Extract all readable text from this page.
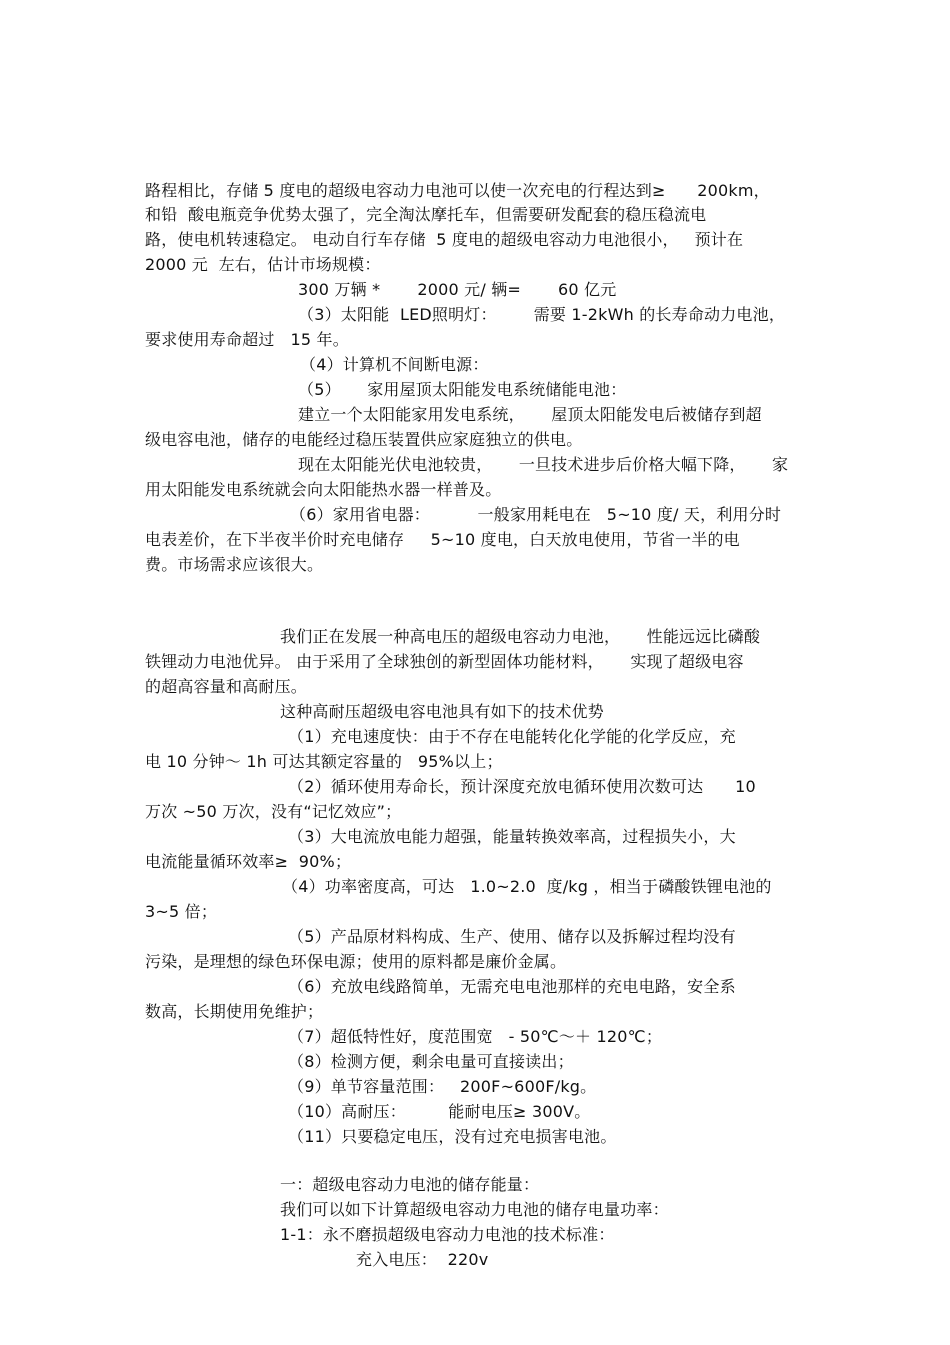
路程相比，存储 5 度电的超级电容动力电池可以使一次充电的行程达到≥      200km，
和铅  酸电瓶竞争优势太强了，完全淘汰摩托车，但需要研发配套的稳压稳流电
路，使电机转速稳定。 电动自行车存储  5 度电的超级电容动力电池很小，   预计在
2000 元  左右，估计市场规模：
300 万辆 *       2000 元/ 辆=       60 亿元
（3）太阳能  LED照明灯：       需要 1-2kWh 的长寿命动力电池，
要求使用寿命超过   15 年。
（4）计算机不间断电源：
（5）     家用屋顶太阳能发电系统储能电池：
建立一个太阳能家用发电系统，     屋顶太阳能发电后被储存到超
级电容电池，储存的电能经过稳压装置供应家庭独立的供电。
现在太阳能光伏电池较贵，     一旦技术进步后价格大幅下降，     家
用太阳能发电系统就会向太阳能热水器一样普及。
（6）家用省电器：         一般家用耗电在   5~10 度/ 天，利用分时
电表差价，在下半夜半价时充电储存     5~10 度电，白天放电使用，节省一半的电
费。市场需求应该很大。
我们正在发展一种高电压的超级电容动力电池，     性能远远比磷酸
铁锂动力电池优异。 由于采用了全球独创的新型固体功能材料，     实现了超级电容
的超高容量和高耐压。
这种高耐压超级电容电池具有如下的技术优势
（1）充电速度快：由于不存在电能转化化学能的化学反应，充
电 10 分钟～ 1h 可达其额定容量的   95%以上；
（2）循环使用寿命长，预计深度充放电循环使用次数可达      10
万次 ~50 万次，没有“记忆效应”；
（3）大电流放电能力超强，能量转换效率高，过程损失小，大
电流能量循环效率≥  90%；
（4）功率密度高，可达   1.0~2.0  度/kg ，相当于磷酸铁锂电池的
3~5 倍；
（5）产品原材料构成、生产、使用、储存以及拆解过程均没有
污染，是理想的绿色环保电源；使用的原料都是廉价金属。
（6）充放电线路简单，无需充电电池那样的充电电路，安全系
数高，长期使用免维护；
（7）超低特性好，度范围宽   - 50℃～＋ 120℃；
（8）检测方便，剩余电量可直接读出；
（9）单节容量范围：   200F~600F/kg。
（10）高耐压：        能耐电压≥ 300V。
（11）只要稳定电压，没有过充电损害电池。
一：超级电容动力电池的储存能量：
我们可以如下计算超级电容动力电池的储存电量功率：
1-1：永不磨损超级电容动力电池的技术标准：
充入电压：  220v
